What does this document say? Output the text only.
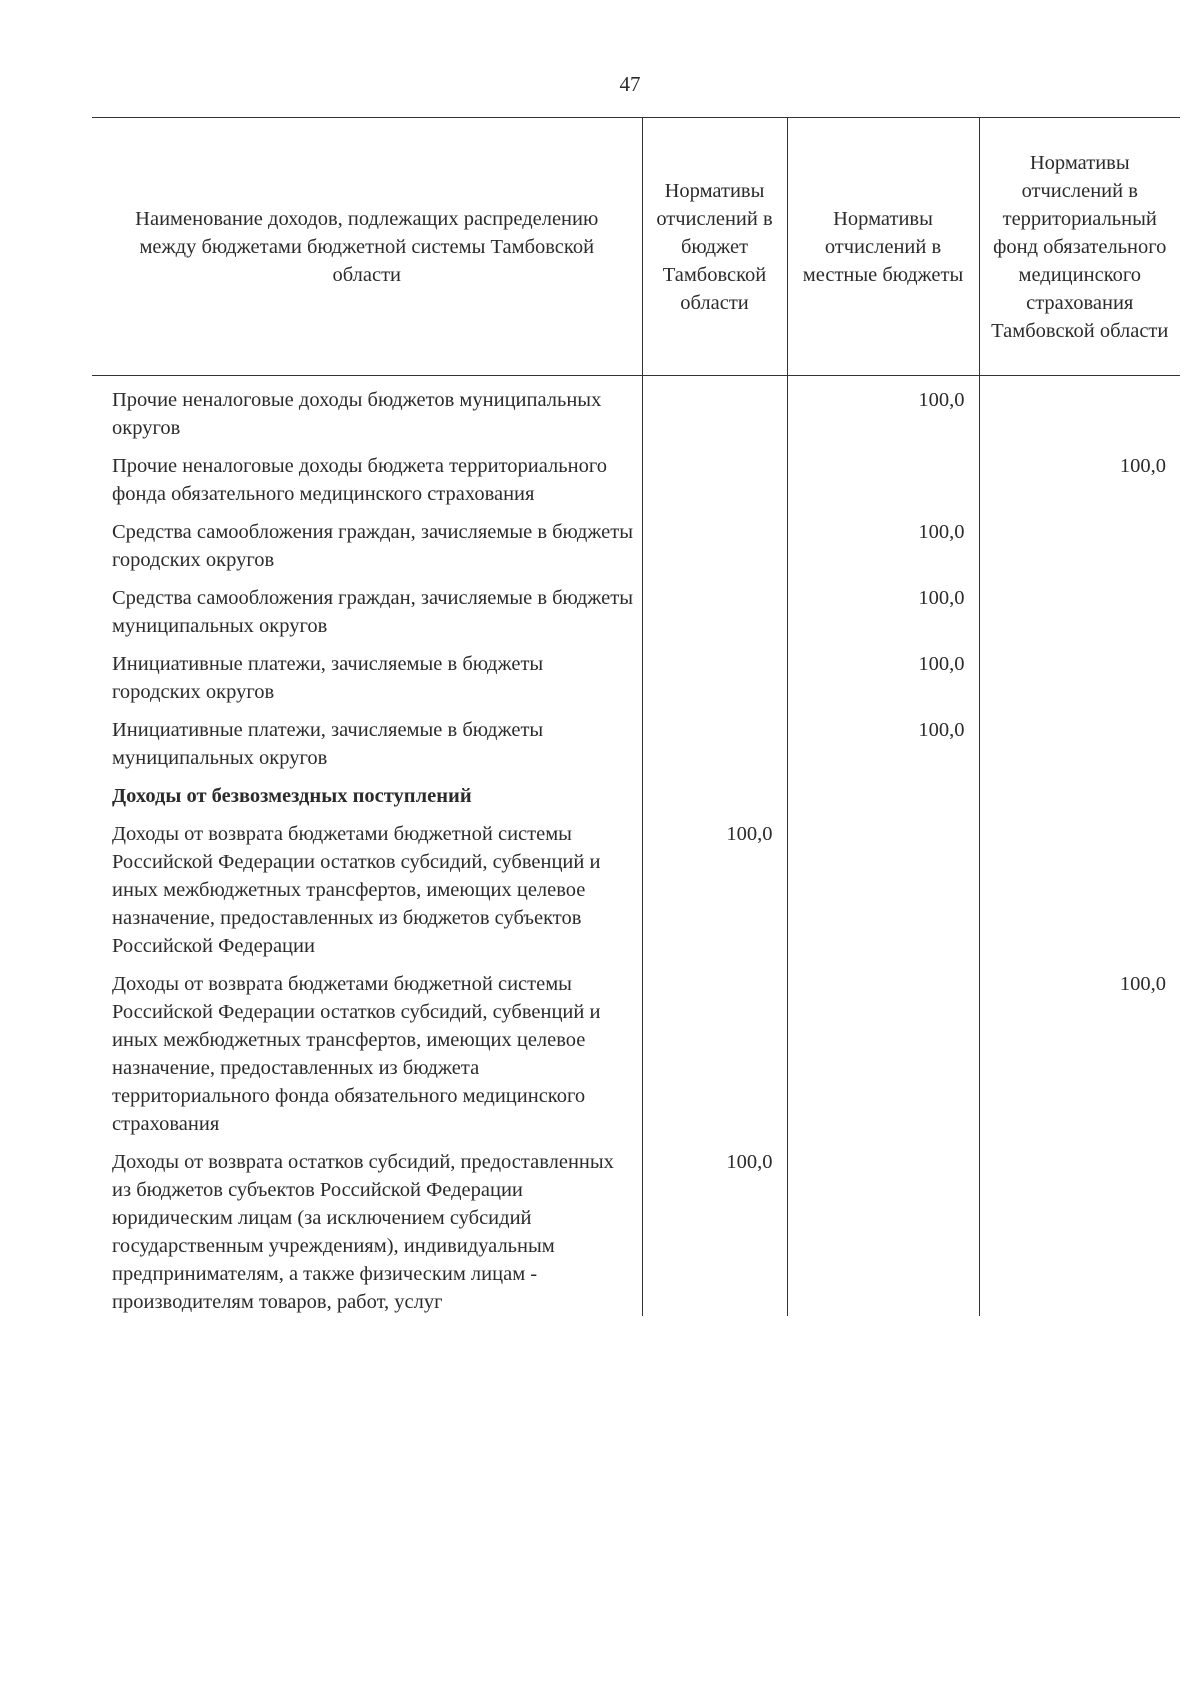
47
Наименование доходов, подлежащих распределению между бюджетами бюджетной системы Тамбовской области	Нормативы отчислений в бюджет Тамбовской области	Нормативы отчислений в местные бюджеты	Нормативы отчислений в территориальный фонд обязательного медицинского страхования Тамбовской области
Прочие неналоговые доходы бюджетов муниципальных округов		100,0	
Прочие неналоговые доходы бюджета территориального фонда обязательного медицинского страхования			100,0
Средства самообложения граждан, зачисляемые в бюджеты городских округов		100,0	
Средства самообложения граждан, зачисляемые в бюджеты муниципальных округов		100,0	
Инициативные платежи, зачисляемые в бюджеты городских округов		100,0	
Инициативные платежи, зачисляемые в бюджеты муниципальных округов		100,0	
Доходы от безвозмездных поступлений			
Доходы от возврата бюджетами бюджетной системы Российской Федерации остатков субсидий, субвенций и иных межбюджетных трансфертов, имеющих целевое назначение, предоставленных из бюджетов субъектов Российской Федерации	100,0		
Доходы от возврата бюджетами бюджетной системы Российской Федерации остатков субсидий, субвенций и иных межбюджетных трансфертов, имеющих целевое назначение, предоставленных из бюджета территориального фонда обязательного медицинского страхования			100,0
Доходы от возврата остатков субсидий, предоставленных из бюджетов субъектов Российской Федерации юридическим лицам (за исключением субсидий государственным учреждениям), индивидуальным предпринимателям, а также физическим лицам - производителям товаров, работ, услуг	100,0		
